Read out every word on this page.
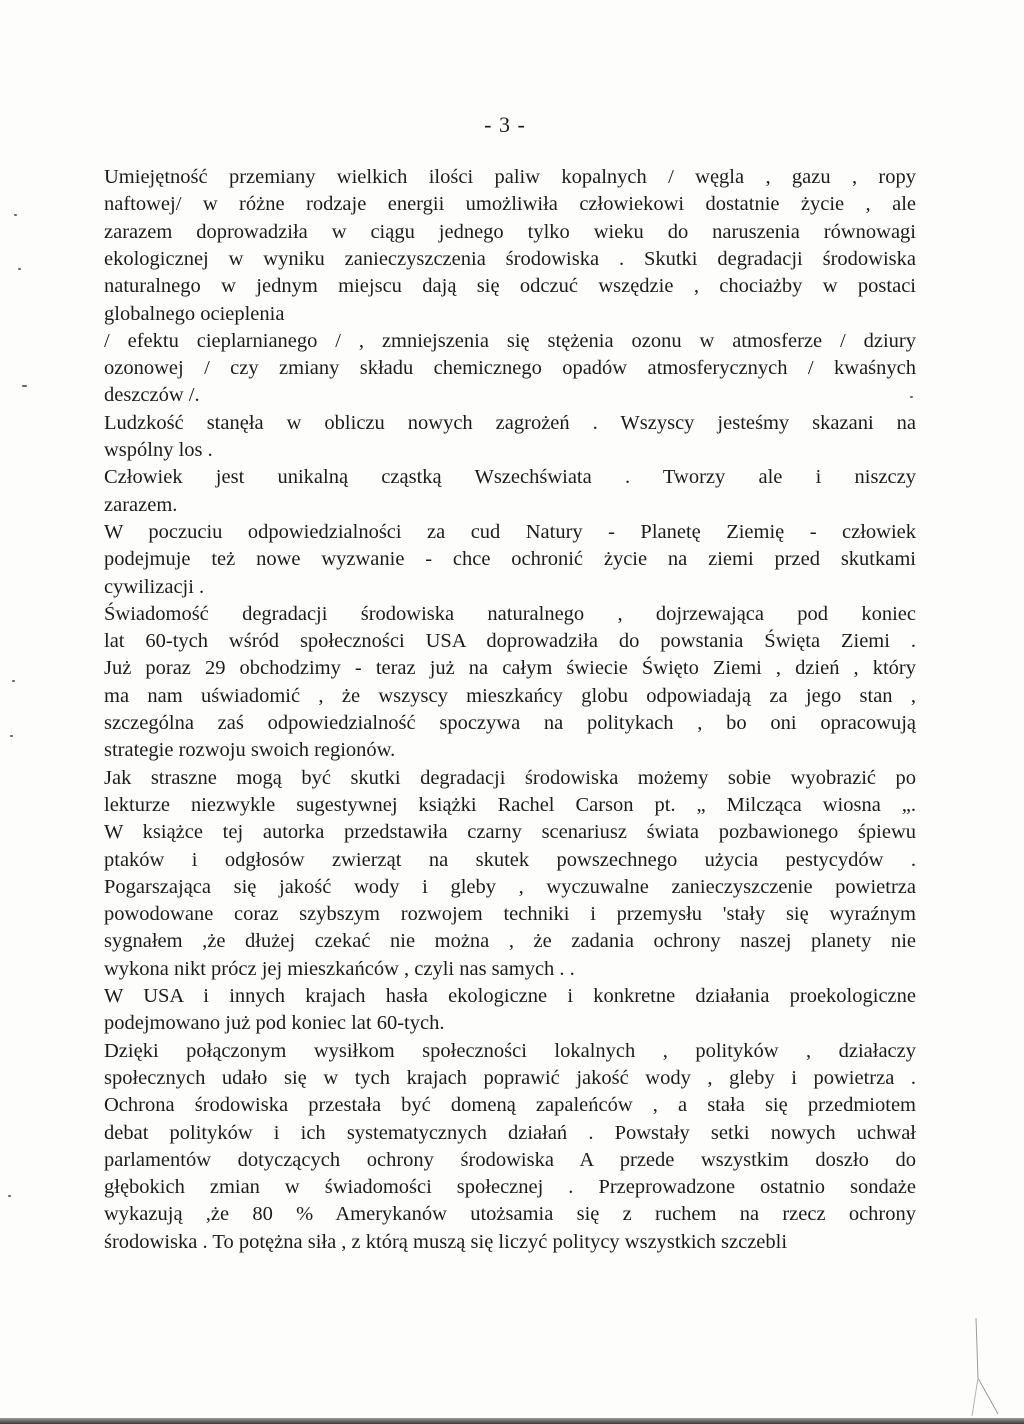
- 3 -
Umiejętność przemiany wielkich ilości paliw kopalnych / węgla , gazu , ropy
naftowej/ w różne rodzaje energii umożliwiła człowiekowi dostatnie życie , ale
zarazem doprowadziła w ciągu jednego tylko wieku do naruszenia równowagi
ekologicznej w wyniku zanieczyszczenia środowiska . Skutki degradacji środowiska
naturalnego w jednym miejscu dają się odczuć wszędzie , chociażby w postaci
globalnego ocieplenia
/ efektu cieplarnianego / , zmniejszenia się stężenia ozonu w atmosferze / dziury
ozonowej / czy zmiany składu chemicznego opadów atmosferycznych / kwaśnych
deszczów /.
Ludzkość stanęła w obliczu nowych zagrożeń . Wszyscy jesteśmy skazani na
wspólny los .
Człowiek jest unikalną cząstką Wszechświata . Tworzy ale i niszczy
zarazem.
W poczuciu odpowiedzialności za cud Natury - Planetę Ziemię - człowiek
podejmuje też nowe wyzwanie - chce ochronić życie na ziemi przed skutkami
cywilizacji .
Świadomość degradacji środowiska naturalnego , dojrzewająca pod koniec
lat 60-tych wśród społeczności USA doprowadziła do powstania Święta Ziemi .
Już poraz 29 obchodzimy - teraz już na całym świecie Święto Ziemi , dzień , który
ma nam uświadomić , że wszyscy mieszkańcy globu odpowiadają za jego stan ,
szczególna zaś odpowiedzialność spoczywa na politykach , bo oni opracowują
strategie rozwoju swoich regionów.
Jak straszne mogą być skutki degradacji środowiska możemy sobie wyobrazić po
lekturze niezwykle sugestywnej książki Rachel Carson pt. „ Milcząca wiosna „.
W książce tej autorka przedstawiła czarny scenariusz świata pozbawionego śpiewu
ptaków i odgłosów zwierząt na skutek powszechnego użycia pestycydów .
Pogarszająca się jakość wody i gleby , wyczuwalne zanieczyszczenie powietrza
powodowane coraz szybszym rozwojem techniki i przemysłu 'stały się wyraźnym
sygnałem ,że dłużej czekać nie można , że zadania ochrony naszej planety nie
wykona nikt prócz jej mieszkańców , czyli nas samych . .
W USA i innych krajach hasła ekologiczne i konkretne działania proekologiczne
podejmowano już pod koniec lat 60-tych.
Dzięki połączonym wysiłkom społeczności lokalnych , polityków , działaczy
społecznych udało się w tych krajach poprawić jakość wody , gleby i powietrza .
Ochrona środowiska przestała być domeną zapaleńców , a stała się przedmiotem
debat polityków i ich systematycznych działań . Powstały setki nowych uchwał
parlamentów dotyczących ochrony środowiska A przede wszystkim doszło do
głębokich zmian w świadomości społecznej . Przeprowadzone ostatnio sondaże
wykazują ,że 80 % Amerykanów utożsamia się z ruchem na rzecz ochrony
środowiska . To potężna siła , z którą muszą się liczyć politycy wszystkich szczebli
